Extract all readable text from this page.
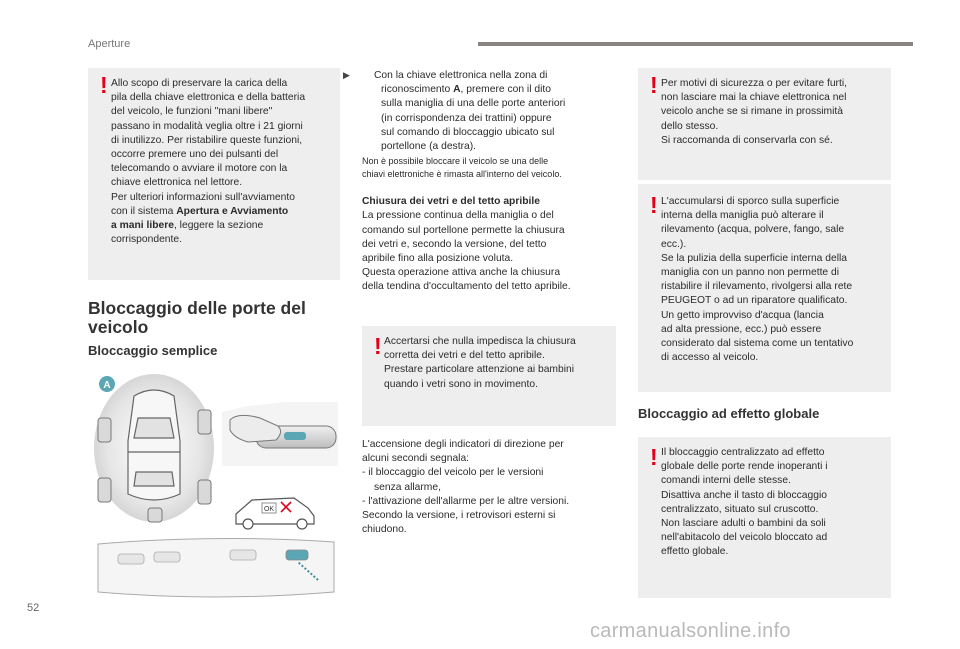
Aperture
! Allo scopo di preservare la carica della
pila della chiave elettronica e della batteria
del veicolo, le funzioni "mani libere"
passano in modalità veglia oltre i 21 giorni
di inutilizzo. Per ristabilire queste funzioni,
occorre premere uno dei pulsanti del
telecomando o avviare il motore con la
chiave elettronica nel lettore.
Per ulteriori informazioni sull'avviamento
con il sistema Apertura e Avviamento
a mani libere, leggere la sezione
corrispondente.
Bloccaggio delle porte del veicolo
Bloccaggio semplice
A
OK

▶ Con la chiave elettronica nella zona di
riconoscimento A, premere con il dito
sulla maniglia di una delle porte anteriori
(in corrispondenza dei trattini) oppure
sul comando di bloccaggio ubicato sul
portellone (a destra).

Non è possibile bloccare il veicolo se una delle
chiavi elettroniche è rimasta all'interno del veicolo.

Chiusura dei vetri e del tetto apribile

La pressione continua della maniglia o del
comando sul portellone permette la chiusura
dei vetri e, secondo la versione, del tetto
apribile fino alla posizione voluta.
Questa operazione attiva anche la chiusura
della tendina d'occultamento del tetto apribile.

! Accertarsi che nulla impedisca la chiusura
corretta dei vetri e del tetto apribile.
Prestare particolare attenzione ai bambini
quando i vetri sono in movimento.

L'accensione degli indicatori di direzione per
alcuni secondi segnala:

- il bloccaggio del veicolo per le versioni

senza allarme,

- l'attivazione dell'allarme per le altre versioni.

Secondo la versione, i retrovisori esterni si
chiudono.

! Per motivi di sicurezza o per evitare furti,
non lasciare mai la chiave elettronica nel
veicolo anche se si rimane in prossimità
dello stesso.
Si raccomanda di conservarla con sé.
! L'accumularsi di sporco sulla superficie
interna della maniglia può alterare il
rilevamento (acqua, polvere, fango, sale
ecc.).
Se la pulizia della superficie interna della
maniglia con un panno non permette di
ristabilire il rilevamento, rivolgersi alla rete
PEUGEOT o ad un riparatore qualificato.
Un getto improvviso d'acqua (lancia
ad alta pressione, ecc.) può essere
considerato dal sistema come un tentativo
di accesso al veicolo.
Bloccaggio ad effetto globale
! Il bloccaggio centralizzato ad effetto
globale delle porte rende inoperanti i
comandi interni delle stesse.
Disattiva anche il tasto di bloccaggio
centralizzato, situato sul cruscotto.
Non lasciare adulti o bambini da soli
nell'abitacolo del veicolo bloccato ad
effetto globale.
52
carmanualsonline.info
